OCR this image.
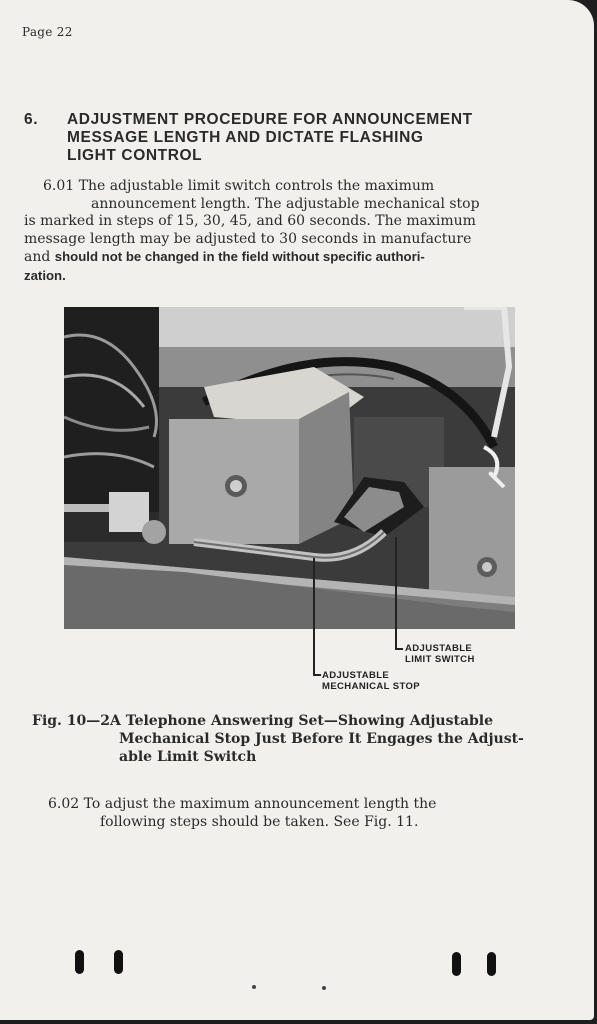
Page 22
6.	ADJUSTMENT PROCEDURE FOR ANNOUNCEMENT
MESSAGE LENGTH AND DICTATE FLASHING
LIGHT CONTROL
6.01 The adjustable limit switch controls the maximum
announcement length. The adjustable mechanical stop
is marked in steps of 15, 30, 45, and 60 seconds. The maximum
message length may be adjusted to 30 seconds in manufacture
and should not be changed in the field without specific authori-
zation.
ADJUSTABLE
LIMIT SWITCH
ADJUSTABLE
MECHANICAL STOP
Fig. 10—2A Telephone Answering Set—Showing Adjustable
Mechanical Stop Just Before It Engages the Adjust-
able Limit Switch
6.02 To adjust the maximum announcement length the
following steps should be taken. See Fig. 11.
